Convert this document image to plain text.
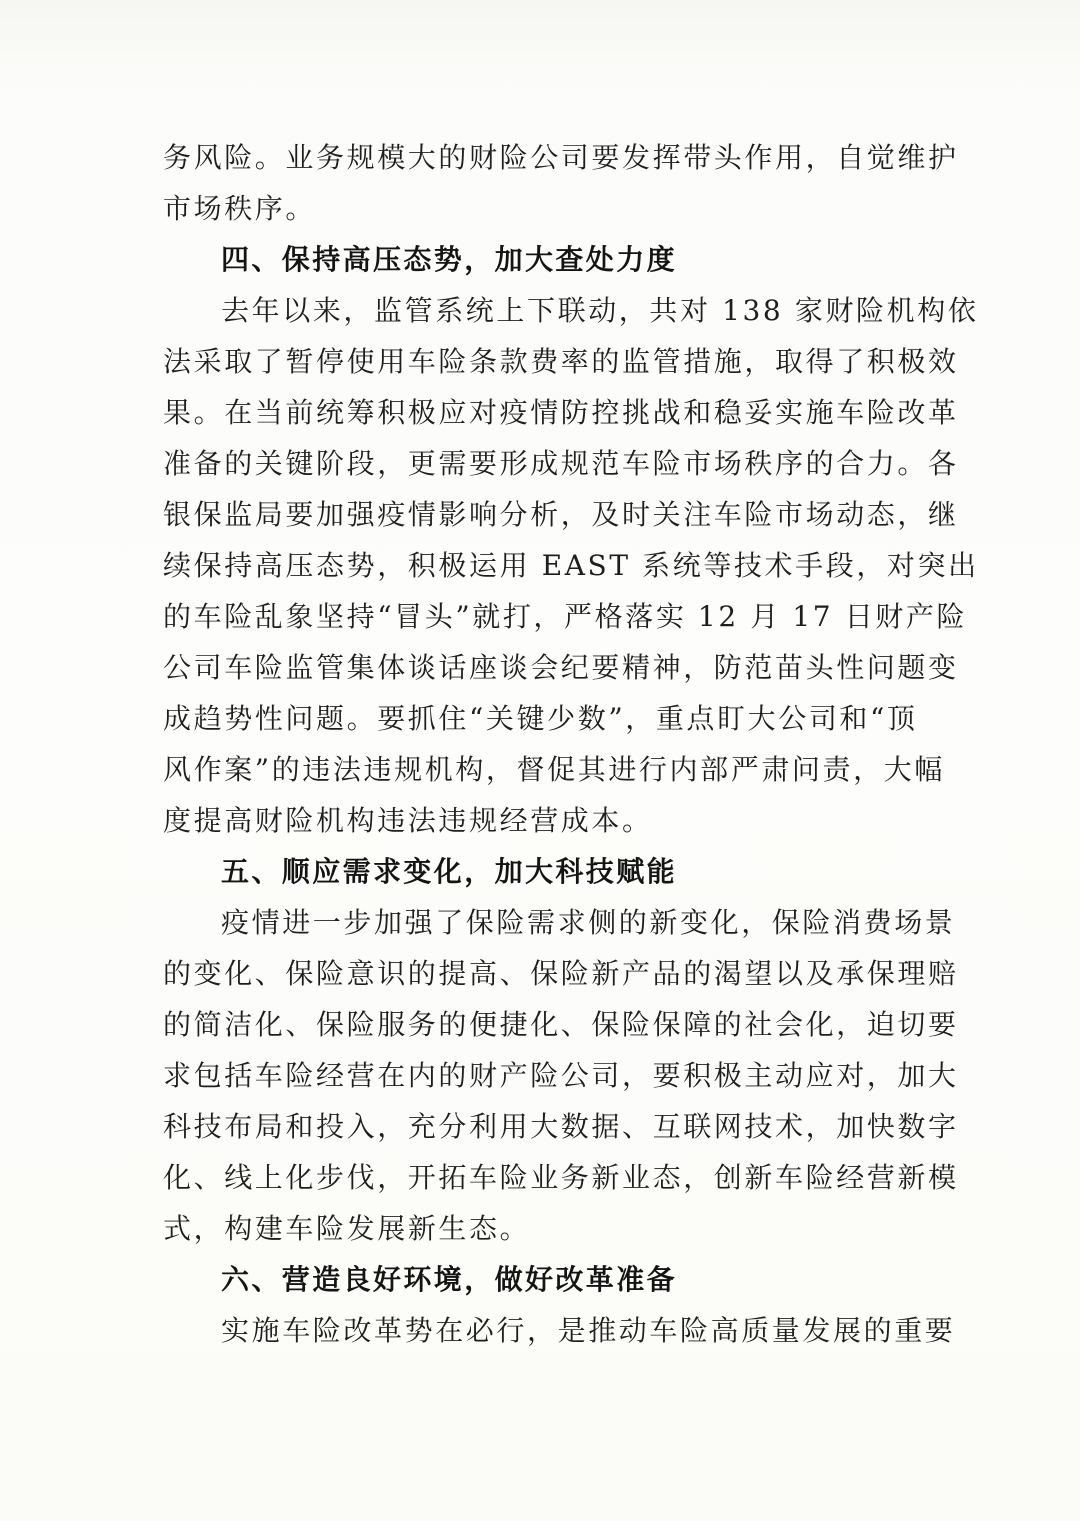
务风险。业务规模大的财险公司要发挥带头作用，自觉维护
市场秩序。
四、保持高压态势，加大查处力度
去年以来，监管系统上下联动，共对 138 家财险机构依
法采取了暂停使用车险条款费率的监管措施，取得了积极效
果。在当前统筹积极应对疫情防控挑战和稳妥实施车险改革
准备的关键阶段，更需要形成规范车险市场秩序的合力。各
银保监局要加强疫情影响分析，及时关注车险市场动态，继
续保持高压态势，积极运用 EAST 系统等技术手段，对突出
的车险乱象坚持“冒头”就打，严格落实 12 月 17 日财产险
公司车险监管集体谈话座谈会纪要精神，防范苗头性问题变
成趋势性问题。要抓住“关键少数”，重点盯大公司和“顶
风作案”的违法违规机构，督促其进行内部严肃问责，大幅
度提高财险机构违法违规经营成本。
五、顺应需求变化，加大科技赋能
疫情进一步加强了保险需求侧的新变化，保险消费场景
的变化、保险意识的提高、保险新产品的渴望以及承保理赔
的简洁化、保险服务的便捷化、保险保障的社会化，迫切要
求包括车险经营在内的财产险公司，要积极主动应对，加大
科技布局和投入，充分利用大数据、互联网技术，加快数字
化、线上化步伐，开拓车险业务新业态，创新车险经营新模
式，构建车险发展新生态。
六、营造良好环境，做好改革准备
实施车险改革势在必行，是推动车险高质量发展的重要
